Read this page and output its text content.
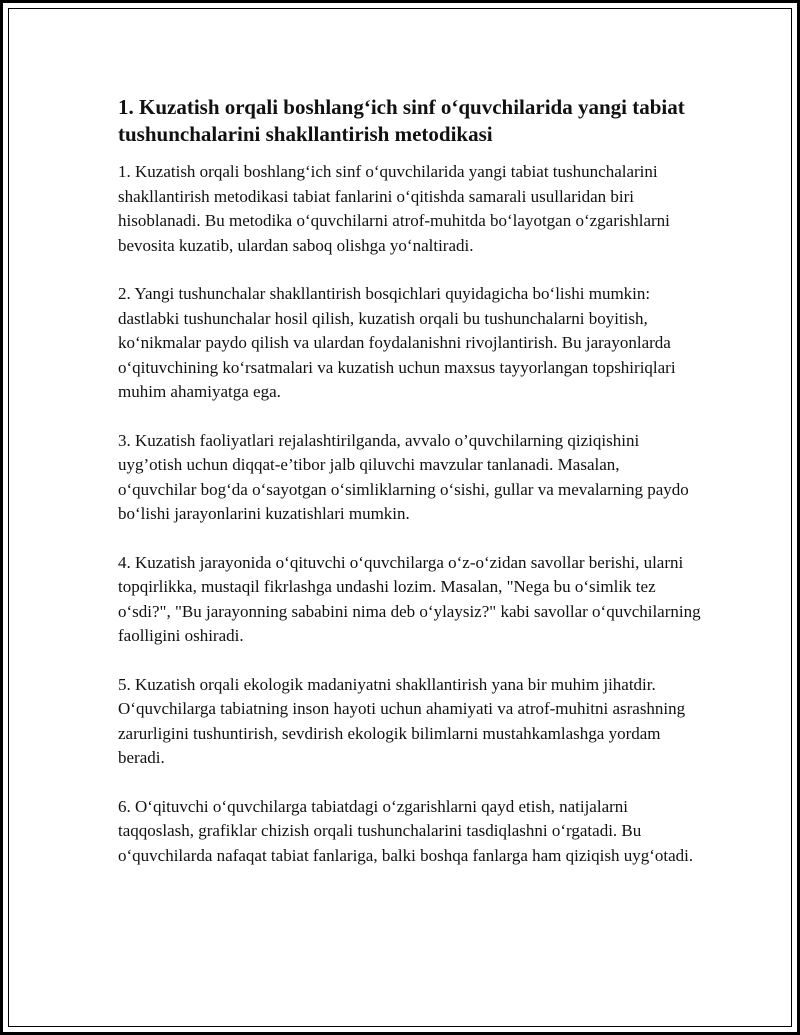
1. Kuzatish orqali boshlang‘ich sinf o‘quvchilarida yangi tabiat tushunchalarini shakllantirish metodikasi

1. Kuzatish orqali boshlang‘ich sinf o‘quvchilarida yangi tabiat tushunchalarini shakllantirish metodikasi tabiat fanlarini o‘qitishda samarali usullaridan biri hisoblanadi. Bu metodika o‘quvchilarni atrof-muhitda bo‘layotgan o‘zgarishlarni bevosita kuzatib, ulardan saboq olishga yo‘naltiradi.

2. Yangi tushunchalar shakllantirish bosqichlari quyidagicha bo‘lishi mumkin: dastlabki tushunchalar hosil qilish, kuzatish orqali bu tushunchalarni boyitish, ko‘nikmalar paydo qilish va ulardan foydalanishni rivojlantirish. Bu jarayonlarda o‘qituvchining ko‘rsatmalari va kuzatish uchun maxsus tayyorlangan topshiriqlari muhim ahamiyatga ega.

3. Kuzatish faoliyatlari rejalashtirilganda, avvalo o’quvchilarning qiziqishini uyg’otish uchun diqqat-e’tibor jalb qiluvchi mavzular tanlanadi. Masalan, o‘quvchilar bog‘da o‘sayotgan o‘simliklarning o‘sishi, gullar va mevalarning paydo bo‘lishi jarayonlarini kuzatishlari mumkin.

4. Kuzatish jarayonida o‘qituvchi o‘quvchilarga o‘z-o‘zidan savollar berishi, ularni topqirlikka, mustaqil fikrlashga undashi lozim. Masalan, "Nega bu o‘simlik tez o‘sdi?", "Bu jarayonning sababini nima deb o‘ylaysiz?" kabi savollar o‘quvchilarning faolligini oshiradi.

5. Kuzatish orqali ekologik madaniyatni shakllantirish yana bir muhim jihatdir. O‘quvchilarga tabiatning inson hayoti uchun ahamiyati va atrof-muhitni asrashning zarurligini tushuntirish, sevdirish ekologik bilimlarni mustahkamlashga yordam beradi.

6. O‘qituvchi o‘quvchilarga tabiatdagi o‘zgarishlarni qayd etish, natijalarni taqqoslash, grafiklar chizish orqali tushunchalarini tasdiqlashni o‘rgatadi. Bu o‘quvchilarda nafaqat tabiat fanlariga, balki boshqa fanlarga ham qiziqish uyg‘otadi.
